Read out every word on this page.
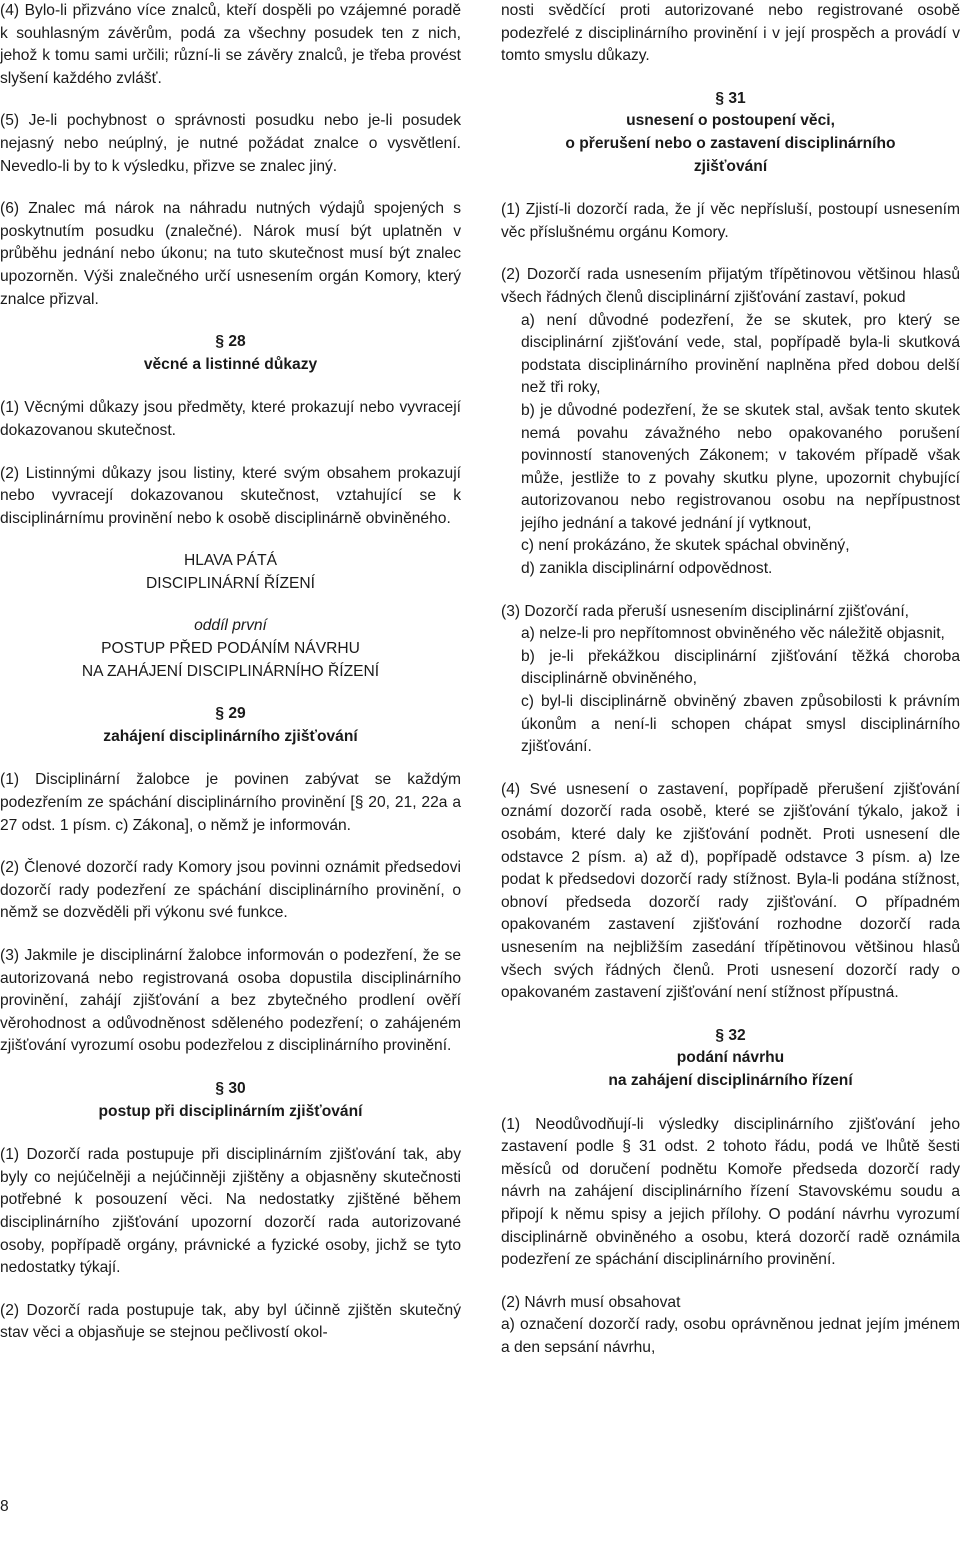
(4) Bylo-li přizváno více znalců, kteří dospěli po vzájemné poradě k souhlasným závěrům, podá za všechny posudek ten z nich, jehož k tomu sami určili; různí-li se závěry znalců, je třeba provést slyšení každého zvlášť.

(5) Je-li pochybnost o správnosti posudku nebo je-li posudek nejasný nebo neúplný, je nutné požádat znalce o vysvětlení. Nevedlo-li by to k výsledku, přizve se znalec jiný.

(6) Znalec má nárok na náhradu nutných výdajů spojených s poskytnutím posudku (znalečné). Nárok musí být uplatněn v průběhu jednání nebo úkonu; na tuto skutečnost musí být znalec upozorněn. Výši znalečného určí usnesením orgán Komory, který znalce přizval.

§ 28
věcné a listinné důkazy

(1) Věcnými důkazy jsou předměty, které prokazují nebo vyvracejí dokazovanou skutečnost.

(2) Listinnými důkazy jsou listiny, které svým obsahem prokazují nebo vyvracejí dokazovanou skutečnost, vztahující se k disciplinárnímu provinění nebo k osobě disciplinárně obviněného.

HLAVA PÁTÁ
DISCIPLINÁRNÍ ŘÍZENÍ
oddíl první
POSTUP PŘED PODÁNÍM NÁVRHU
NA ZAHÁJENÍ DISCIPLINÁRNÍHO ŘÍZENÍ
§ 29
zahájení disciplinárního zjišťování

(1) Disciplinární žalobce je povinen zabývat se každým podezřením ze spáchání disciplinárního provinění [§ 20, 21, 22a a 27 odst. 1 písm. c) Zákona], o němž je informován.

(2) Členové dozorčí rady Komory jsou povinni oznámit předsedovi dozorčí rady podezření ze spáchání disciplinárního provinění, o němž se dozvěděli při výkonu své funkce.

(3) Jakmile je disciplinární žalobce informován o podezření, že se autorizovaná nebo registrovaná osoba dopustila disciplinárního provinění, zahájí zjišťování a bez zbytečného prodlení ověří věrohodnost a odůvodněnost sděleného podezření; o zahájeném zjišťování vyrozumí osobu podezřelou z disciplinárního provinění.

§ 30
postup při disciplinárním zjišťování

(1) Dozorčí rada postupuje při disciplinárním zjišťování tak, aby byly co nejúčelněji a nejúčinněji zjištěny a objasněny skutečnosti potřebné k posouzení věci. Na nedostatky zjištěné během disciplinárního zjišťování upozorní dozorčí rada autorizované osoby, popřípadě orgány, právnické a fyzické osoby, jichž se tyto nedostatky týkají.

(2) Dozorčí rada postupuje tak, aby byl účinně zjištěn skutečný stav věci a objasňuje se stejnou pečlivostí okol-

nosti svědčící proti autorizované nebo registrované osobě podezřelé z disciplinárního provinění i v její prospěch a provádí v tomto smyslu důkazy.

§ 31
usnesení o postoupení věci,
o přerušení nebo o zastavení disciplinárního
zjišťování

(1) Zjistí-li dozorčí rada, že jí věc nepřísluší, postoupí usnesením věc příslušnému orgánu Komory.

(2) Dozorčí rada usnesením přijatým třípětinovou většinou hlasů všech řádných členů disciplinární zjišťování zastaví, pokud

a) není důvodné podezření, že se skutek, pro který se disciplinární zjišťování vede, stal, popřípadě byla-li skutková podstata disciplinárního provinění naplněna před dobou delší než tři roky,

b) je důvodné podezření, že se skutek stal, avšak tento skutek nemá povahu závažného nebo opakovaného porušení povinností stanovených Zákonem; v takovém případě však může, jestliže to z povahy skutku plyne, upozornit chybující autorizovanou nebo registrovanou osobu na nepřípustnost jejího jednání a takové jednání jí vytknout,

c) není prokázáno, že skutek spáchal obviněný,

d) zanikla disciplinární odpovědnost.

(3) Dozorčí rada přeruší usnesením disciplinární zjišťování,

a) nelze-li pro nepřítomnost obviněného věc náležitě objasnit,

b) je-li překážkou disciplinární zjišťování těžká choroba disciplinárně obviněného,

c) byl-li disciplinárně obviněný zbaven způsobilosti k právním úkonům a není-li schopen chápat smysl disciplinárního zjišťování.

(4) Své usnesení o zastavení, popřípadě přerušení zjišťování oznámí dozorčí rada osobě, které se zjišťování týkalo, jakož i osobám, které daly ke zjišťování podnět. Proti usnesení dle odstavce 2 písm. a) až d), popřípadě odstavce 3 písm. a) lze podat k předsedovi dozorčí rady stížnost. Byla-li podána stížnost, obnoví předseda dozorčí rady zjišťování. O případném opakovaném zastavení zjišťování rozhodne dozorčí rada usnesením na nejbližším zasedání třípětinovou většinou hlasů všech svých řádných členů. Proti usnesení dozorčí rady o opakovaném zastavení zjišťování není stížnost přípustná.

§ 32
podání návrhu
na zahájení disciplinárního řízení

(1) Neodůvodňují-li výsledky disciplinárního zjišťování jeho zastavení podle § 31 odst. 2 tohoto řádu, podá ve lhůtě šesti měsíců od doručení podnětu Komoře předseda dozorčí rady návrh na zahájení disciplinárního řízení Stavovskému soudu a připojí k němu spisy a jejich přílohy. O podání návrhu vyrozumí disciplinárně obviněného a osobu, která dozorčí radě oznámila podezření ze spáchání disciplinárního provinění.

(2) Návrh musí obsahovat

a) označení dozorčí rady, osobu oprávněnou jednat jejím jménem a den sepsání návrhu,

8
